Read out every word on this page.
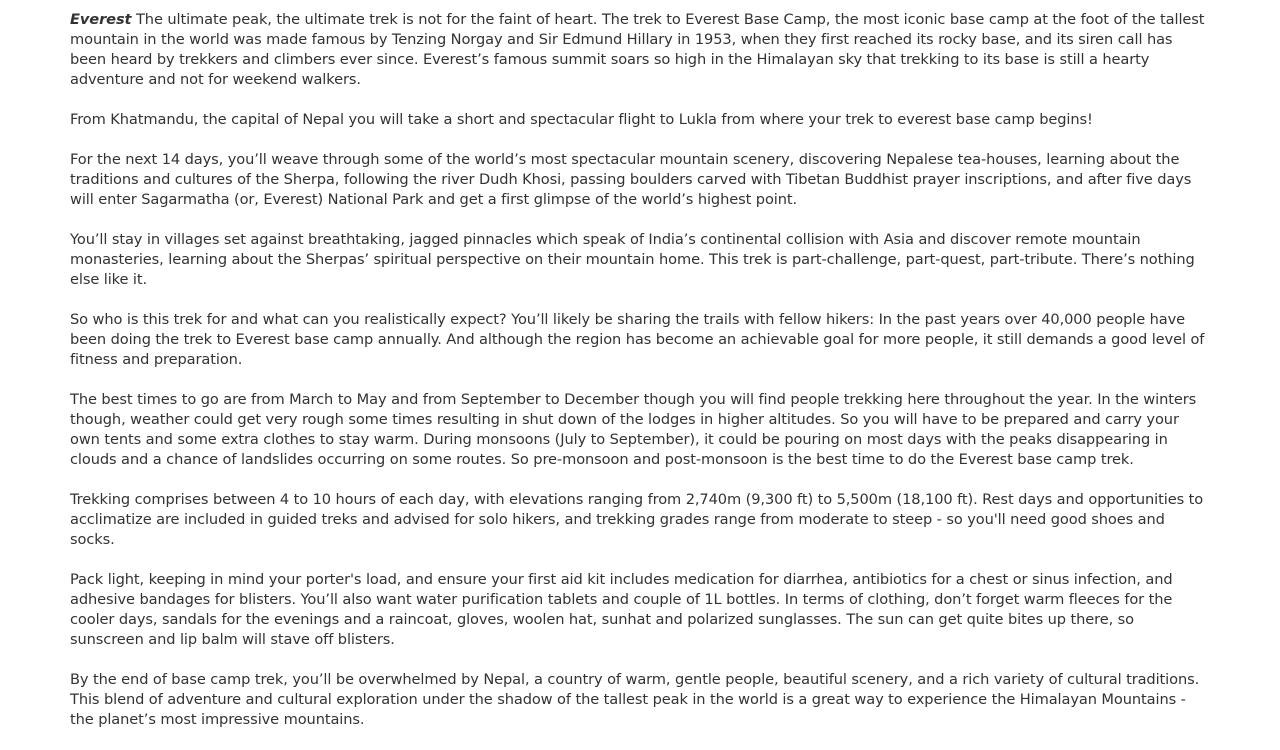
Everest The ultimate peak, the ultimate trek is not for the faint of heart. The trek to Everest Base Camp, the most iconic base camp at the foot of the tallest mountain in the world was made famous by Tenzing Norgay and Sir Edmund Hillary in 1953, when they first reached its rocky base, and its siren call has been heard by trekkers and climbers ever since. Everest’s famous summit soars so high in the Himalayan sky that trekking to its base is still a hearty adventure and not for weekend walkers.

From Khatmandu, the capital of Nepal you will take a short and spectacular flight to Lukla from where your trek to everest base camp begins!

For the next 14 days, you’ll weave through some of the world’s most spectacular mountain scenery, discovering Nepalese tea-houses, learning about the traditions and cultures of the Sherpa, following the river Dudh Khosi, passing boulders carved with Tibetan Buddhist prayer inscriptions, and after five days will enter Sagarmatha (or, Everest) National Park and get a first glimpse of the world’s highest point.

You’ll stay in villages set against breathtaking, jagged pinnacles which speak of India’s continental collision with Asia and discover remote mountain monasteries, learning about the Sherpas’ spiritual perspective on their mountain home. This trek is part-challenge, part-quest, part-tribute. There’s nothing else like it.

So who is this trek for and what can you realistically expect? You’ll likely be sharing the trails with fellow hikers: In the past years over 40,000 people have been doing the trek to Everest base camp annually. And although the region has become an achievable goal for more people, it still demands a good level of fitness and preparation.

The best times to go are from March to May and from September to December though you will find people trekking here throughout the year. In the winters though, weather could get very rough some times resulting in shut down of the lodges in higher altitudes. So you will have to be prepared and carry your own tents and some extra clothes to stay warm. During monsoons (July to September), it could be pouring on most days with the peaks disappearing in clouds and a chance of landslides occurring on some routes. So pre-monsoon and post-monsoon is the best time to do the Everest base camp trek.

Trekking comprises between 4 to 10 hours of each day, with elevations ranging from 2,740m (9,300 ft) to 5,500m (18,100 ft). Rest days and opportunities to acclimatize are included in guided treks and advised for solo hikers, and trekking grades range from moderate to steep - so you'll need good shoes and socks.

Pack light, keeping in mind your porter's load, and ensure your first aid kit includes medication for diarrhea, antibiotics for a chest or sinus infection, and adhesive bandages for blisters. You’ll also want water purification tablets and couple of 1L bottles. In terms of clothing, don’t forget warm fleeces for the cooler days, sandals for the evenings and a raincoat, gloves, woolen hat, sunhat and polarized sunglasses. The sun can get quite bites up there, so sunscreen and lip balm will stave off blisters.

By the end of base camp trek, you’ll be overwhelmed by Nepal, a country of warm, gentle people, beautiful scenery, and a rich variety of cultural traditions. This blend of adventure and cultural exploration under the shadow of the tallest peak in the world is a great way to experience the Himalayan Mountains - the planet’s most impressive mountains.
